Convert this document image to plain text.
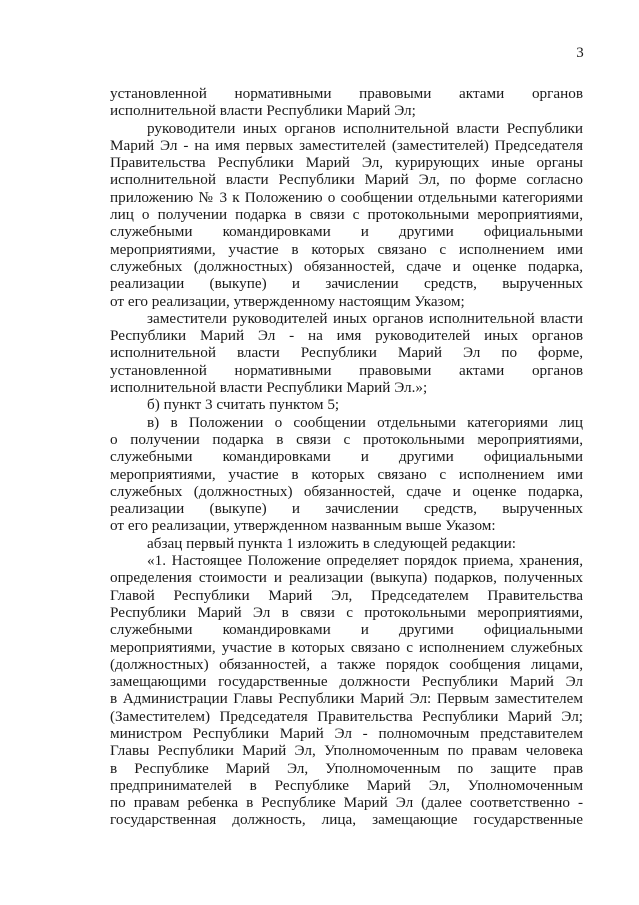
3
установленной нормативными правовыми актами органов
исполнительной власти Республики Марий Эл;
руководители иных органов исполнительной власти Республики
Марий Эл - на имя первых заместителей (заместителей) Председателя
Правительства Республики Марий Эл, курирующих иные органы
исполнительной власти Республики Марий Эл, по форме согласно
приложению № 3 к Положению о сообщении отдельными категориями
лиц о получении подарка в связи с протокольными мероприятиями,
служебными командировками и другими официальными
мероприятиями, участие в которых связано с исполнением ими
служебных (должностных) обязанностей, сдаче и оценке подарка,
реализации (выкупе) и зачислении средств, вырученных
от его реализации, утвержденному настоящим Указом;
заместители руководителей иных органов исполнительной власти
Республики Марий Эл - на имя руководителей иных органов
исполнительной власти Республики Марий Эл по форме,
установленной нормативными правовыми актами органов
исполнительной власти Республики Марий Эл.»;
б) пункт 3 считать пунктом 5;
в) в Положении о сообщении отдельными категориями лиц
о получении подарка в связи с протокольными мероприятиями,
служебными командировками и другими официальными
мероприятиями, участие в которых связано с исполнением ими
служебных (должностных) обязанностей, сдаче и оценке подарка,
реализации (выкупе) и зачислении средств, вырученных
от его реализации, утвержденном названным выше Указом:
абзац первый пункта 1 изложить в следующей редакции:
«1. Настоящее Положение определяет порядок приема, хранения,
определения стоимости и реализации (выкупа) подарков, полученных
Главой Республики Марий Эл, Председателем Правительства
Республики Марий Эл в связи с протокольными мероприятиями,
служебными командировками и другими официальными
мероприятиями, участие в которых связано с исполнением служебных
(должностных) обязанностей, а также порядок сообщения лицами,
замещающими государственные должности Республики Марий Эл
в Администрации Главы Республики Марий Эл: Первым заместителем
(Заместителем) Председателя Правительства Республики Марий Эл;
министром Республики Марий Эл - полномочным представителем
Главы Республики Марий Эл, Уполномоченным по правам человека
в Республике Марий Эл, Уполномоченным по защите прав
предпринимателей в Республике Марий Эл, Уполномоченным
по правам ребенка в Республике Марий Эл (далее соответственно -
государственная должность, лица, замещающие государственные
